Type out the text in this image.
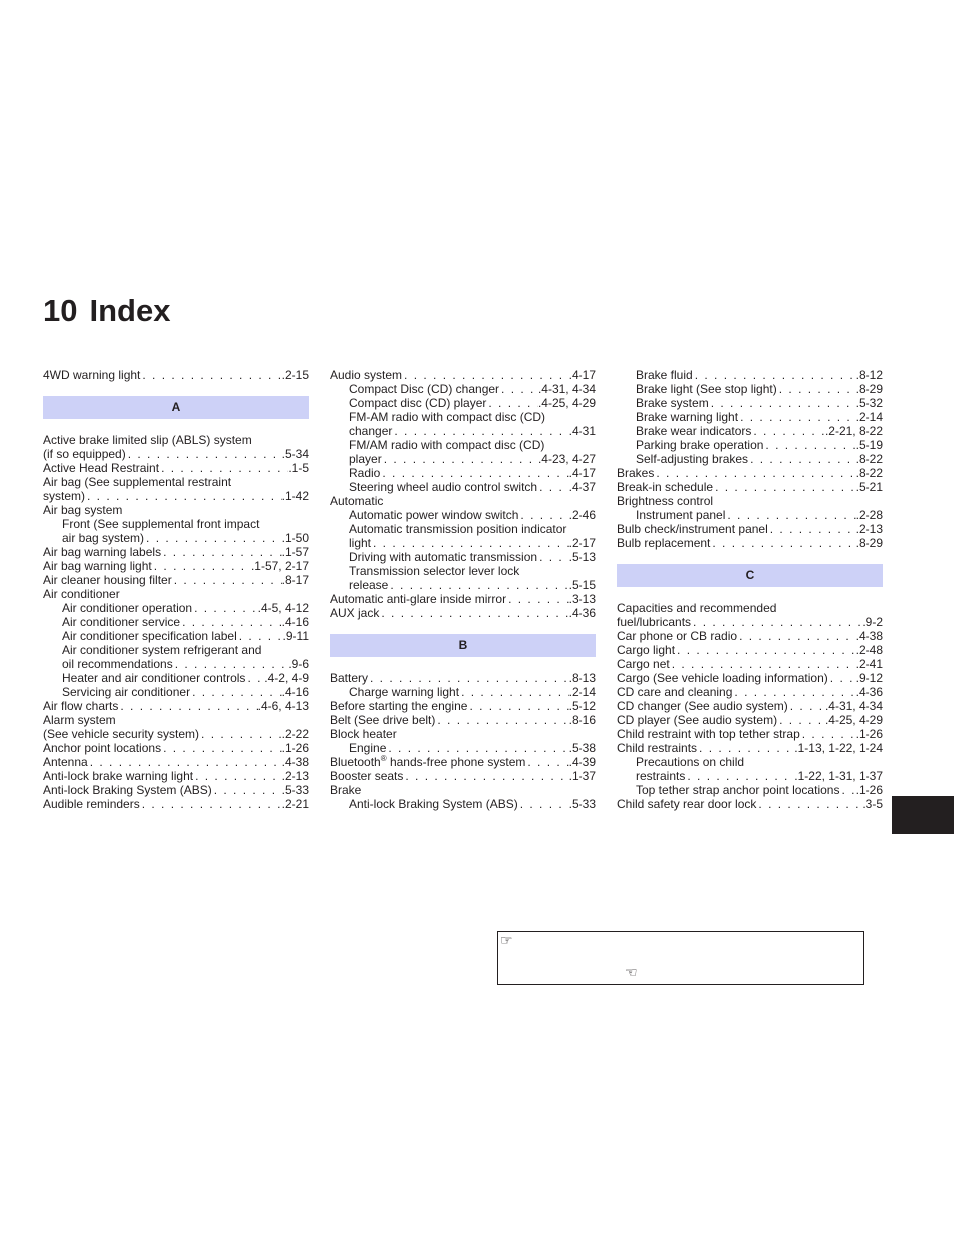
10 Index
4WD warning light . . .	.2-15
A
Active brake limited slip (ABLS) system
(if so equipped) . . .	.5-34
Active Head Restraint . . .	.1-5
Air bag (See supplemental restraint
system) . . .	.1-42
Air bag system
Front (See supplemental front impact
air bag system) . . .	.1-50
Air bag warning labels . . .	.1-57
Air bag warning light . . .	.1-57, 2-17
Air cleaner housing filter . . .	.8-17
Air conditioner
Air conditioner operation . . .	.4-5, 4-12
Air conditioner service . . .	.4-16
Air conditioner specification label . . .	.9-11
Air conditioner system refrigerant and
oil recommendations . . .	.9-6
Heater and air conditioner controls . . . .4-2, 4-9
Servicing air conditioner . . .	.4-16
Air flow charts . . .	.4-6, 4-13
Alarm system
(See vehicle security system) . . .	.2-22
Anchor point locations . . .	.1-26
Antenna . . .	.4-38
Anti-lock brake warning light . . .	.2-13
Anti-lock Braking System (ABS) . . .	.5-33
Audible reminders . . .	.2-21
Audio system . . .	.4-17
Compact Disc (CD) changer . . .	.4-31, 4-34
Compact disc (CD) player . . .	.4-25, 4-29
FM-AM radio with compact disc (CD)
changer . . .	.4-31
FM/AM radio with compact disc (CD)
player . . .	.4-23, 4-27
Radio . . .	.4-17
Steering wheel audio control switch . . .	.4-37
Automatic
Automatic power window switch . . .	.2-46
Automatic transmission position indicator
light . . .	.2-17
Driving with automatic transmission . . .	.5-13
Transmission selector lever lock
release . . .	.5-15
Automatic anti-glare inside mirror . . .	.3-13
AUX jack . . .	.4-36
B
Battery . . .	.8-13
Charge warning light . . .	.2-14
Before starting the engine . . .	.5-12
Belt (See drive belt) . . .	.8-16
Block heater
Engine . . .	.5-38
Bluetooth® hands-free phone system . . .	.4-39
Booster seats . . .	.1-37
Brake
Anti-lock Braking System (ABS) . . .	.5-33
Brake fluid . . .	.8-12
Brake light (See stop light) . . .	.8-29
Brake system . . .	.5-32
Brake warning light . . .	.2-14
Brake wear indicators . . .	.2-21, 8-22
Parking brake operation . . .	.5-19
Self-adjusting brakes . . .	.8-22
Brakes . . .	.8-22
Break-in schedule . . .	.5-21
Brightness control
Instrument panel . . .	.2-28
Bulb check/instrument panel . . .	.2-13
Bulb replacement . . .	.8-29
C
Capacities and recommended
fuel/lubricants . . .	.9-2
Car phone or CB radio . . .	.4-38
Cargo light . . .	.2-48
Cargo net . . .	.2-41
Cargo (See vehicle loading information) . . . .9-12
CD care and cleaning . . .	.4-36
CD changer (See audio system) . . .	.4-31, 4-34
CD player (See audio system) . . .	.4-25, 4-29
Child restraint with top tether strap . . .	.1-26
Child restraints . . .	.1-13, 1-22, 1-24
Precautions on child
restraints . . .	.1-22, 1-31, 1-37
Top tether strap anchor point locations . . . .1-26
Child safety rear door lock . . .	.3-5
☞
☜
